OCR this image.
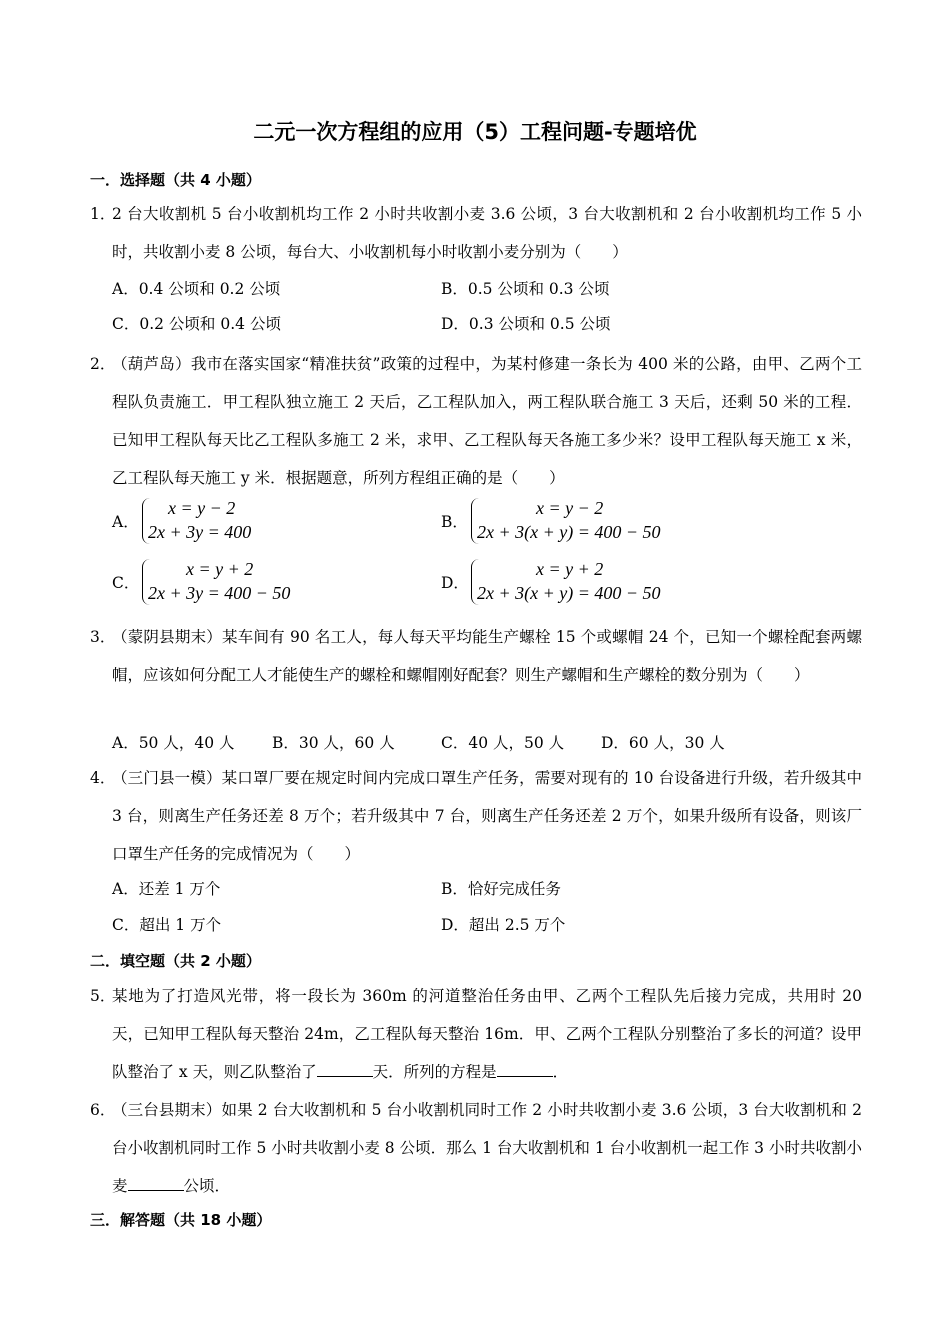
二元一次方程组的应用（5）工程问题-专题培优
一．选择题（共 4 小题）
1．
2 台大收割机 5 台小收割机均工作 2 小时共收割小麦 3.6 公顷，3 台大收割机和 2 台小收割机均工作 5 小时，共收割小麦 8 公顷，每台大、小收割机每小时收割小麦分别为（　　）
A．0.4 公顷和 0.2 公顷	B．0.5 公顷和 0.3 公顷
C．0.2 公顷和 0.4 公顷	D．0.3 公顷和 0.5 公顷
2．
（葫芦岛）我市在落实国家“精准扶贫”政策的过程中，为某村修建一条长为 400 米的公路，由甲、乙两个工程队负责施工．甲工程队独立施工 2 天后，乙工程队加入，两工程队联合施工 3 天后，还剩 50 米的工程．已知甲工程队每天比乙工程队多施工 2 米，求甲、乙工程队每天各施工多少米？设甲工程队每天施工 x 米，乙工程队每天施工 y 米．根据题意，所列方程组正确的是（　　）
A．
x = y − 2
2x + 3y = 400	B．
x = y − 2
2x + 3(x + y) = 400 − 50
C．
x = y + 2
2x + 3y = 400 − 50	D．
x = y + 2
2x + 3(x + y) = 400 − 50
3．
（蒙阴县期末）某车间有 90 名工人，每人每天平均能生产螺栓 15 个或螺帽 24 个，已知一个螺栓配套两螺帽，应该如何分配工人才能使生产的螺栓和螺帽刚好配套？则生产螺帽和生产螺栓的数分别为（　　）
A．50 人，40 人 B．30 人，60 人	C．40 人，50 人 D．60 人，30 人
4．
（三门县一模）某口罩厂要在规定时间内完成口罩生产任务，需要对现有的 10 台设备进行升级，若升级其中 3 台，则离生产任务还差 8 万个；若升级其中 7 台，则离生产任务还差 2 万个，如果升级所有设备，则该厂口罩生产任务的完成情况为（　　）
A．还差 1 万个	B．恰好完成任务
C．超出 1 万个	D．超出 2.5 万个
二．填空题（共 2 小题）
5．
某地为了打造风光带，将一段长为 360m 的河道整治任务由甲、乙两个工程队先后接力完成，共用时 20 天，已知甲工程队每天整治 24m，乙工程队每天整治 16m．甲、乙两个工程队分别整治了多长的河道？设甲队整治了 x 天，则乙队整治了	天．所列的方程是	．
6．
（三台县期末）如果 2 台大收割机和 5 台小收割机同时工作 2 小时共收割小麦 3.6 公顷，3 台大收割机和 2 台小收割机同时工作 5 小时共收割小麦 8 公顷．那么 1 台大收割机和 1 台小收割机一起工作 3 小时共收割小麦	公顷．
三．解答题（共 18 小题）
